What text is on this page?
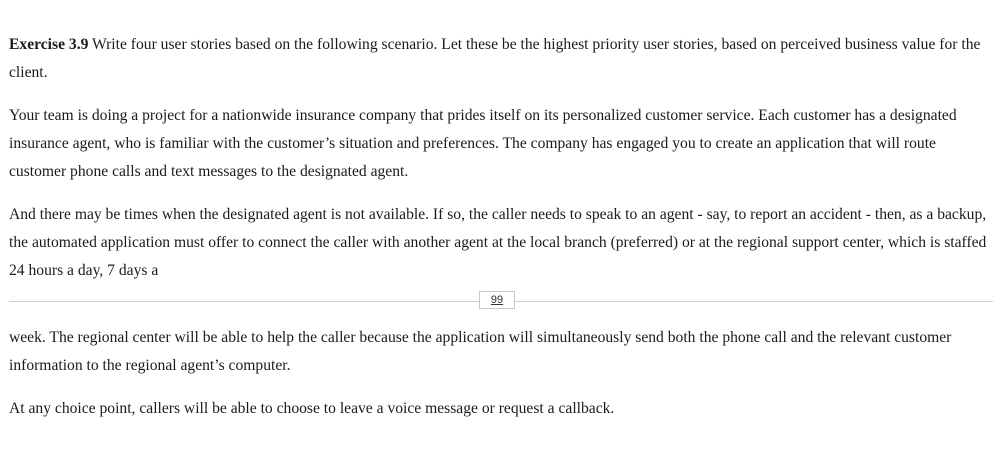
Exercise 3.9 Write four user stories based on the following scenario. Let these be the highest priority user stories, based on perceived business value for the client.

Your team is doing a project for a nationwide insurance company that prides itself on its personalized customer service. Each customer has a designated insurance agent, who is familiar with the customer’s situation and preferences. The company has engaged you to create an application that will route customer phone calls and text messages to the designated agent.

And there may be times when the designated agent is not available. If so, the caller needs to speak to an agent - say, to report an accident - then, as a backup, the automated application must offer to connect the caller with another agent at the local branch (preferred) or at the regional support center, which is staffed 24 hours a day, 7 days a

99

week. The regional center will be able to help the caller because the application will simultaneously send both the phone call and the relevant customer information to the regional agent’s computer.

At any choice point, callers will be able to choose to leave a voice message or request a callback.
